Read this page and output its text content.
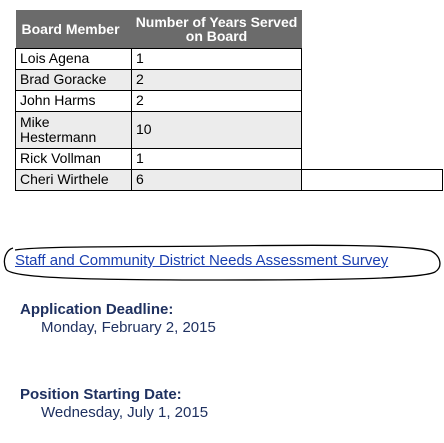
Board Member	Number of Years Served on Board	
Lois Agena	1	
Brad Goracke	2	
John Harms	2	
Mike Hestermann	10	
Rick Vollman	1	
Cheri Wirthele	6	
Staff and Community District Needs Assessment Survey
Application Deadline:
Monday, February 2, 2015
Position Starting Date:
Wednesday, July 1, 2015
